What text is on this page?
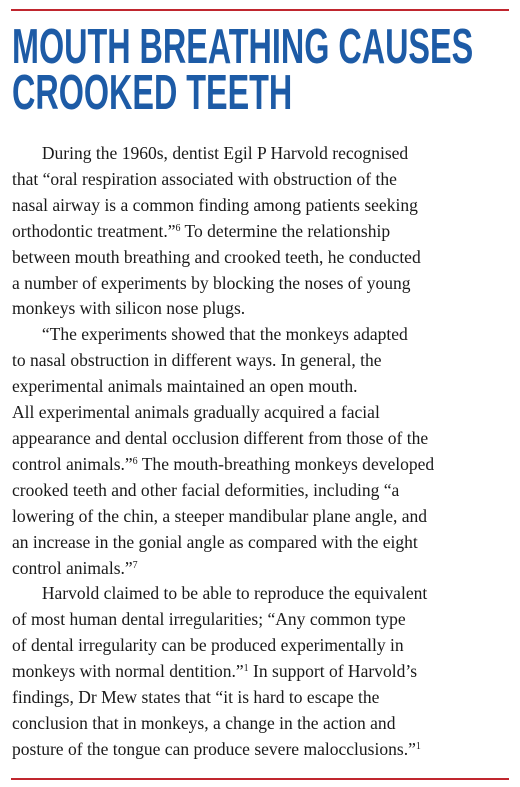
MOUTH BREATHING CAUSES
CROOKED TEETH
During the 1960s, dentist Egil P Harvold recognised
that “oral respiration associated with obstruction of the
nasal airway is a common finding among patients seeking
orthodontic treatment.”$^6$ To determine the relationship
between mouth breathing and crooked teeth, he conducted
a number of experiments by blocking the noses of young
monkeys with silicon nose plugs.
“The experiments showed that the monkeys adapted
to nasal obstruction in different ways. In general, the
experimental animals maintained an open mouth.
All experimental animals gradually acquired a facial
appearance and dental occlusion different from those of the
control animals.”$^6$ The mouth-breathing monkeys developed
crooked teeth and other facial deformities, including “a
lowering of the chin, a steeper mandibular plane angle, and
an increase in the gonial angle as compared with the eight
control animals.”$^7$
Harvold claimed to be able to reproduce the equivalent
of most human dental irregularities; “Any common type
of dental irregularity can be produced experimentally in
monkeys with normal dentition.”$^1$ In support of Harvold’s
findings, Dr Mew states that “it is hard to escape the
conclusion that in monkeys, a change in the action and
posture of the tongue can produce severe malocclusions.”$^1$
